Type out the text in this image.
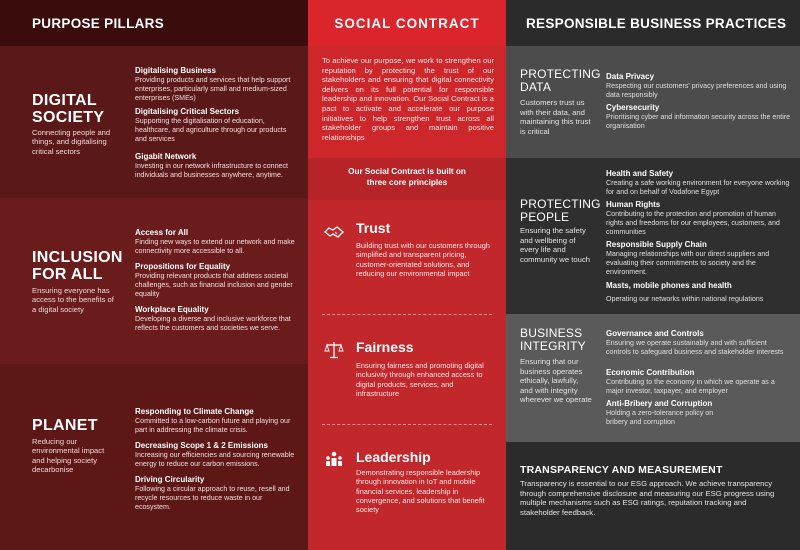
PURPOSE PILLARS
DIGITAL
SOCIETY
Connecting people and things, and digitalising critical sectors
Digitalising Business

Providing products and services that help support enterprises, particularly small and medium-sized enterprises (SMEs)

Digitalising Critical Sectors

Supporting the digitalisation of education, healthcare, and agriculture through our products and services

Gigabit Network

Investing in our network infrastructure to connect individuals and businesses anywhere, anytime.

INCLUSION
FOR ALL
Ensuring everyone has access to the benefits of a digital society
Access for All

Finding new ways to extend our network and make connectivity more accessible to all.

Propositions for Equality

Providing relevant products that address societal challenges, such as financial inclusion and gender equality

Workplace Equality

Developing a diverse and inclusive workforce that reflects the customers and societies we serve.

PLANET
Reducing our environmental impact and helping society decarbonise
Responding to Climate Change

Committed to a low-carbon future and playing our part in addressing the climate crisis.

Decreasing Scope 1 & 2 Emissions

Increasing our efficiencies and sourcing renewable energy to reduce our carbon emissions.

Driving Circularity

Following a circular approach to reuse, resell and recycle resources to reduce waste in our ecosystem.

SOCIAL CONTRACT
To achieve our purpose, we work to strengthen our reputation by protecting the trust of our stakeholders and ensuring that digital connectivity delivers on its full potential for responsible leadership and innovation. Our Social Contract is a pact to activate and accelerate our purpose initiatives to help strengthen trust across all stakeholder groups and maintain positive relationships
Our Social Contract is built on
three core principles
Trust
Building trust with our customers through simplified and transparent pricing, customer-orientated solutions, and reducing our environmental impact
Fairness
Ensuring fairness and promoting digital inclusivity through enhanced access to digital products, services, and infrastructure
Leadership
Demonstrating responsible leadership through innovation in IoT and mobile financial services, leadership in convergence, and solutions that benefit society
RESPONSIBLE BUSINESS PRACTICES
PROTECTING
DATA
Customers trust us with their data, and maintaining this trust is critical
Data Privacy

Respecting our customers' privacy preferences and using data responsibly

Cybersecurity

Prioritising cyber and information security across the entire organisation

PROTECTING
PEOPLE
Ensuring the safety and wellbeing of every life and community we touch
Health and Safety

Creating a safe working environment for everyone working for and on behalf of Vodafone Egypt

Human Rights

Contributing to the protection and promotion of human rights and freedoms for our employees, customers, and communities

Responsible Supply Chain

Managing relationships with our direct suppliers and evaluating their commitments to society and the environment.

Masts, mobile phones and health

Operating our networks within national regulations

BUSINESS
INTEGRITY
Ensuring that our business operates ethically, lawfully, and with integrity wherever we operate
Governance and Controls

Ensuring we operate sustainably and with sufficient controls to safeguard business and stakeholder interests

Economic Contribution

Contributing to the economy in which we operate as a major investor, taxpayer, and employer

Anti-Bribery and Corruption

Holding a zero-tolerance policy on bribery and corruption

TRANSPARENCY AND MEASUREMENT
Transparency is essential to our ESG approach. We achieve transparency through comprehensive disclosure and measuring our ESG progress using multiple mechanisms such as ESG ratings, reputation tracking and stakeholder feedback.
